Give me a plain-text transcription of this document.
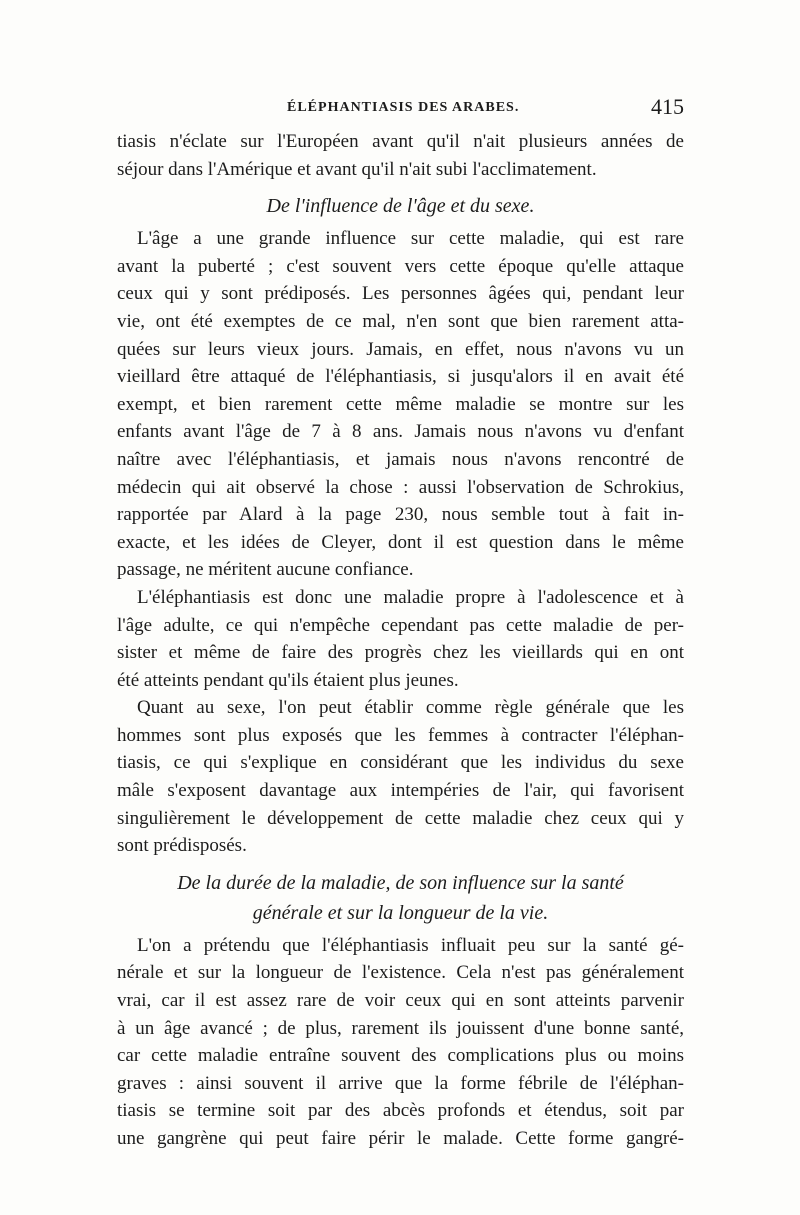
ÉLÉPHANTIASIS DES ARABES.	415
tiasis n'éclate sur l'Européen avant qu'il n'ait plusieurs années de
séjour dans l'Amérique et avant qu'il n'ait subi l'acclimatement.
De l'influence de l'âge et du sexe.
L'âge a une grande influence sur cette maladie, qui est rare
avant la puberté ; c'est souvent vers cette époque qu'elle attaque
ceux qui y sont prédiposés. Les personnes âgées qui, pendant leur
vie, ont été exemptes de ce mal, n'en sont que bien rarement atta-
quées sur leurs vieux jours. Jamais, en effet, nous n'avons vu un
vieillard être attaqué de l'éléphantiasis, si jusqu'alors il en avait été
exempt, et bien rarement cette même maladie se montre sur les
enfants avant l'âge de 7 à 8 ans. Jamais nous n'avons vu d'enfant
naître avec l'éléphantiasis, et jamais nous n'avons rencontré de
médecin qui ait observé la chose : aussi l'observation de Schrokius,
rapportée par Alard à la page 230, nous semble tout à fait in-
exacte, et les idées de Cleyer, dont il est question dans le même
passage, ne méritent aucune confiance.
L'éléphantiasis est donc une maladie propre à l'adolescence et à
l'âge adulte, ce qui n'empêche cependant pas cette maladie de per-
sister et même de faire des progrès chez les vieillards qui en ont
été atteints pendant qu'ils étaient plus jeunes.
Quant au sexe, l'on peut établir comme règle générale que les
hommes sont plus exposés que les femmes à contracter l'éléphan-
tiasis, ce qui s'explique en considérant que les individus du sexe
mâle s'exposent davantage aux intempéries de l'air, qui favorisent
singulièrement le développement de cette maladie chez ceux qui y
sont prédisposés.
De la durée de la maladie, de son influence sur la santé
générale et sur la longueur de la vie.
L'on a prétendu que l'éléphantiasis influait peu sur la santé gé-
nérale et sur la longueur de l'existence. Cela n'est pas généralement
vrai, car il est assez rare de voir ceux qui en sont atteints parvenir
à un âge avancé ; de plus, rarement ils jouissent d'une bonne santé,
car cette maladie entraîne souvent des complications plus ou moins
graves : ainsi souvent il arrive que la forme fébrile de l'éléphan-
tiasis se termine soit par des abcès profonds et étendus, soit par
une gangrène qui peut faire périr le malade. Cette forme gangré-
